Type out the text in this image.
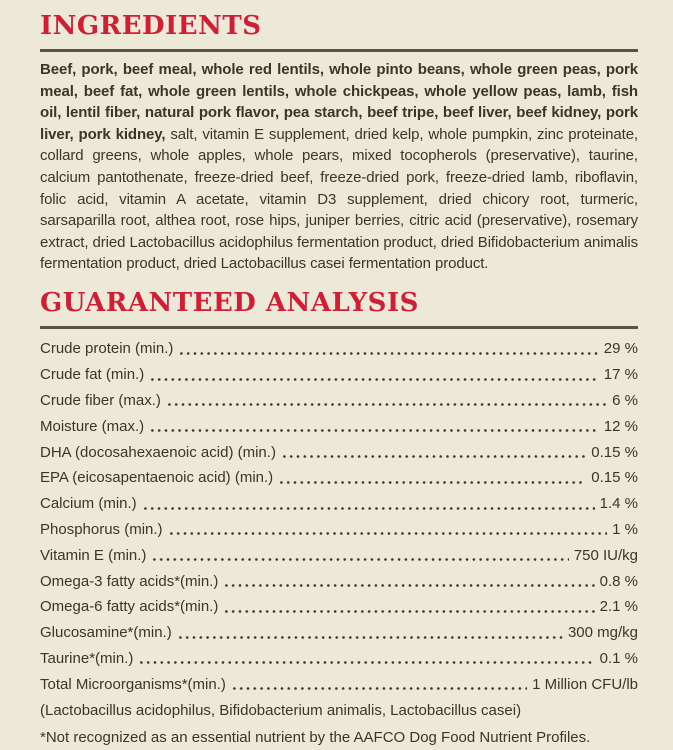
INGREDIENTS

Beef, pork, beef meal, whole red lentils, whole pinto beans, whole green peas, pork meal, beef fat, whole green lentils, whole chickpeas, whole yellow peas, lamb, fish oil, lentil fiber, natural pork flavor, pea starch, beef tripe, beef liver, beef kidney, pork liver, pork kidney, salt, vitamin E supplement, dried kelp, whole pumpkin, zinc proteinate, collard greens, whole apples, whole pears, mixed tocopherols (preservative), taurine, calcium pantothenate, freeze-dried beef, freeze-dried pork, freeze-dried lamb, riboflavin, folic acid, vitamin A acetate, vitamin D3 supplement, dried chicory root, turmeric, sarsaparilla root, althea root, rose hips, juniper berries, citric acid (preservative), rosemary extract, dried Lactobacillus acidophilus fermentation product, dried Bifidobacterium animalis fermentation product, dried Lactobacillus casei fermentation product.

GUARANTEED ANALYSIS
Crude protein (min.)	29 %
Crude fat (min.)	17 %
Crude fiber (max.)	6 %
Moisture (max.)	12 %
DHA (docosahexaenoic acid) (min.)	0.15 %
EPA (eicosapentaenoic acid) (min.)	0.15 %
Calcium (min.)	1.4 %
Phosphorus (min.)	1 %
Vitamin E (min.)	750 IU/kg
Omega-3 fatty acids*(min.)	0.8 %
Omega-6 fatty acids*(min.)	2.1 %
Glucosamine*(min.)	300 mg/kg
Taurine*(min.)	0.1 %
Total Microorganisms*(min.)	1 Million CFU/lb

(Lactobacillus acidophilus, Bifidobacterium animalis, Lactobacillus casei)

*Not recognized as an essential nutrient by the AAFCO Dog Food Nutrient Profiles.
